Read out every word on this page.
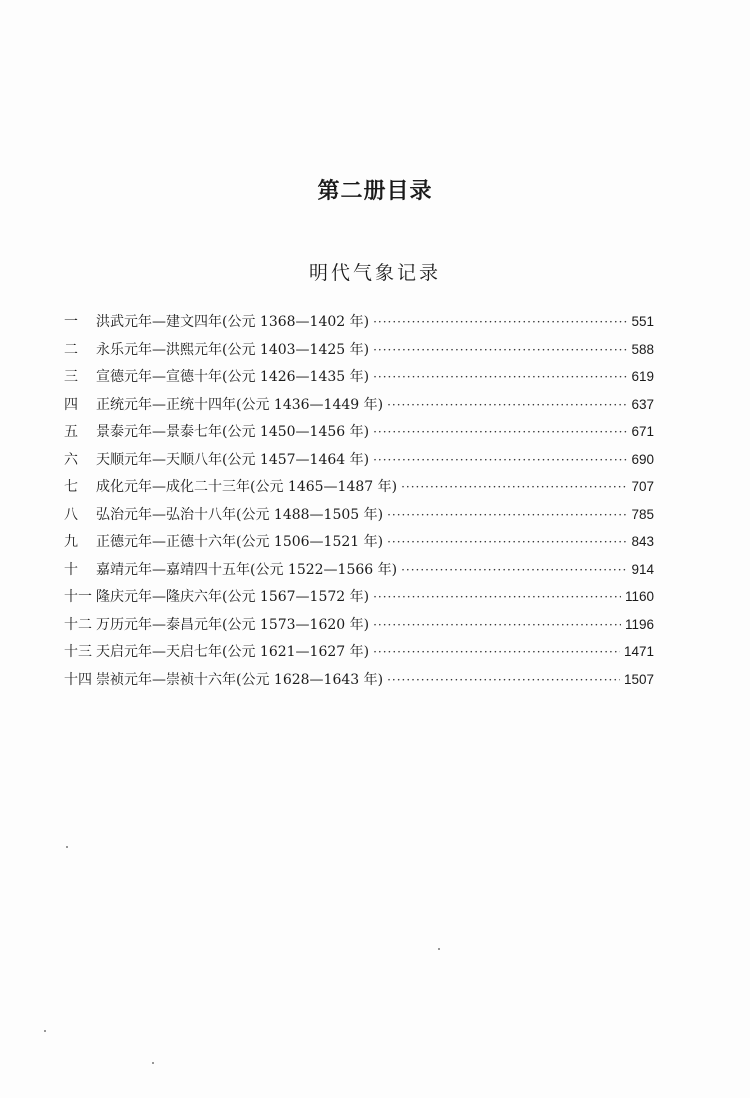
第二册目录
明代气象记录
一	洪武元年—建文四年(公元 1368—1402 年) ·····	551
二	永乐元年—洪熙元年(公元 1403—1425 年) ·····	588
三	宣德元年—宣德十年(公元 1426—1435 年) ·····	619
四	正统元年—正统十四年(公元 1436—1449 年) ·····	637
五	景泰元年—景泰七年(公元 1450—1456 年) ·····	671
六	天顺元年—天顺八年(公元 1457—1464 年) ·····	690
七	成化元年—成化二十三年(公元 1465—1487 年) ·····	707
八	弘治元年—弘治十八年(公元 1488—1505 年) ·····	785
九	正德元年—正德十六年(公元 1506—1521 年) ·····	843
十	嘉靖元年—嘉靖四十五年(公元 1522—1566 年) ·····	914
十一 隆庆元年—隆庆六年(公元 1567—1572 年) ·····	1160
十二 万历元年—泰昌元年(公元 1573—1620 年) ·····	1196
十三 天启元年—天启七年(公元 1621—1627 年) ·····	1471
十四 崇祯元年—崇祯十六年(公元 1628—1643 年) ·····	1507
